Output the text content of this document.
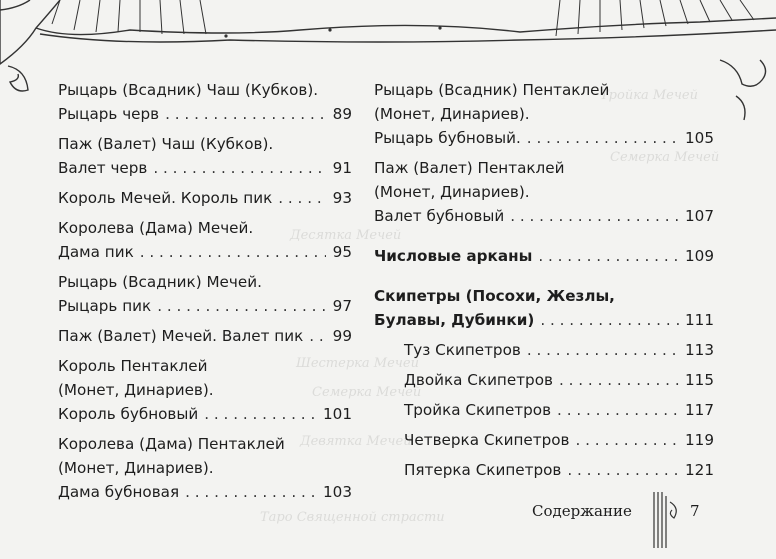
Тройка Мечей
Семерка Мечей
Десятка Мечей
Шестерка Мечей
Семерка Мечей
Девятка Мечей
Таро Священной страсти
Рыцарь (Всадник) Чаш (Кубков).
Рыцарь черв . . .	89
Паж (Валет) Чаш (Кубков).
Валет черв . . .	91
Король Мечей. Король пик . . .	93
Королева (Дама) Мечей.
Дама пик . . .	95
Рыцарь (Всадник) Мечей.
Рыцарь пик . . .	97
Паж (Валет) Мечей. Валет пик . . . 99
Король Пентаклей
(Монет, Динариев).
Король бубновый . . .	101
Королева (Дама) Пентаклей
(Монет, Динариев).
Дама бубновая . . .	103
Рыцарь (Всадник) Пентаклей
(Монет, Динариев).
Рыцарь бубновый. . . .	105
Паж (Валет) Пентаклей
(Монет, Динариев).
Валет бубновый . . .	107
Числовые арканы . . .	109
Скипетры (Посохи, Жезлы,
Булавы, Дубинки) . . .	111
Туз Скипетров . . .	113
Двойка Скипетров . . .	115
Тройка Скипетров . . .	117
Четверка Скипетров . . .	119
Пятерка Скипетров . . .	121
Содержание	7
